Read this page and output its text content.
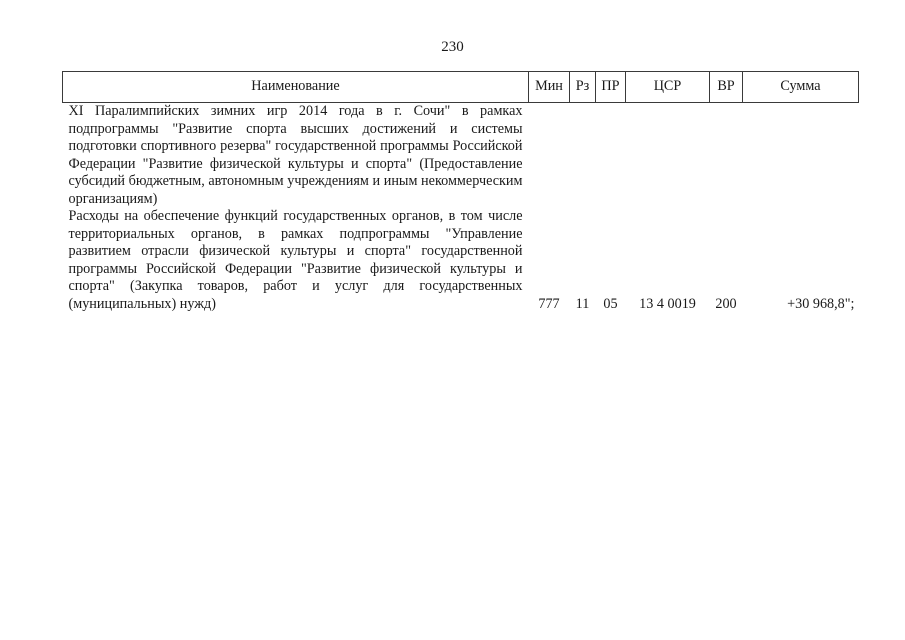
230
Наименование	Мин	Рз	ПР	ЦСР	ВР	Сумма

XI Паралимпийских зимних игр 2014 года в г. Сочи" в рамках подпрограммы "Развитие спорта высших достижений и системы подготовки спортивного резерва" государственной программы Российской Федерации "Развитие физической культуры и спорта" (Предоставление субсидий бюджетным, автономным учреждениям и иным некоммерческим организациям)						

Расходы на обеспечение функций государственных органов, в том числе территориальных органов, в рамках подпрограммы "Управление развитием отрасли физической культуры и спорта" государственной программы Российской Федерации "Развитие физической культуры и спорта" (Закупка товаров, работ и услуг для государственных (муниципальных) нужд)	777	11	05	13 4 0019	200	+30 968,8";
